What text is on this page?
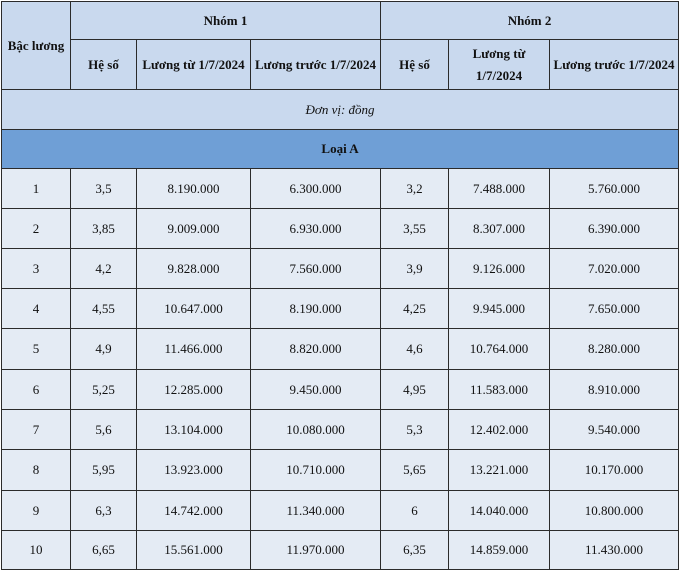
Bậc lương	Nhóm 1			Nhóm 2		
	Hệ số	Lương từ 1/7/2024	Lương trước 1/7/2024	Hệ số	Lương từ 1/7/2024	Lương trước 1/7/2024
Đơn vị: đồng						
Loại A						
1	3,5	8.190.000	6.300.000	3,2	7.488.000	5.760.000
2	3,85	9.009.000	6.930.000	3,55	8.307.000	6.390.000
3	4,2	9.828.000	7.560.000	3,9	9.126.000	7.020.000
4	4,55	10.647.000	8.190.000	4,25	9.945.000	7.650.000
5	4,9	11.466.000	8.820.000	4,6	10.764.000	8.280.000
6	5,25	12.285.000	9.450.000	4,95	11.583.000	8.910.000
7	5,6	13.104.000	10.080.000	5,3	12.402.000	9.540.000
8	5,95	13.923.000	10.710.000	5,65	13.221.000	10.170.000
9	6,3	14.742.000	11.340.000	6	14.040.000	10.800.000
10	6,65	15.561.000	11.970.000	6,35	14.859.000	11.430.000
